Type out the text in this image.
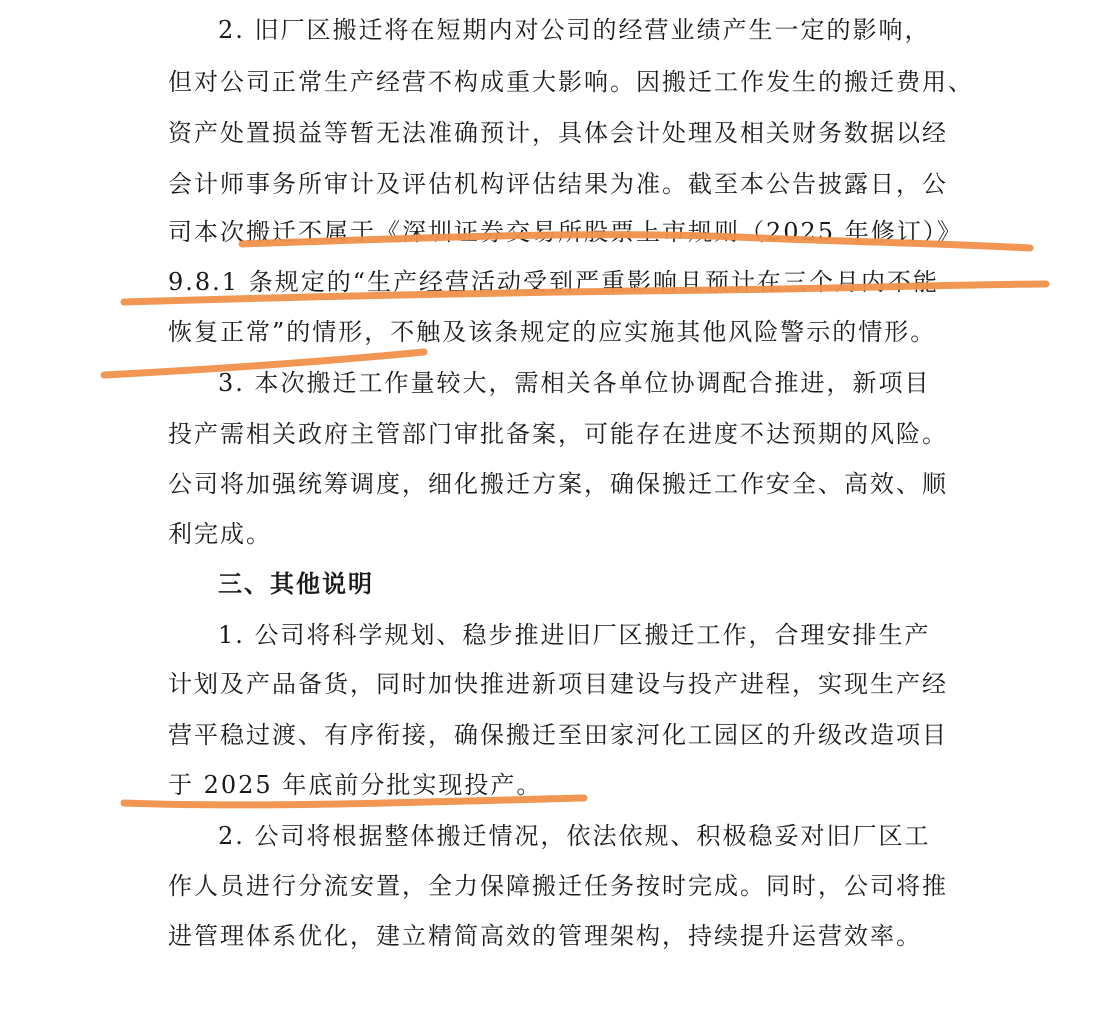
2. 旧厂区搬迁将在短期内对公司的经营业绩产生一定的影响，
但对公司正常生产经营不构成重大影响。因搬迁工作发生的搬迁费用、
资产处置损益等暂无法准确预计，具体会计处理及相关财务数据以经
会计师事务所审计及评估机构评估结果为准。截至本公告披露日，公
司本次搬迁不属于《深圳证券交易所股票上市规则（2025 年修订）》
9.8.1 条规定的“生产经营活动受到严重影响且预计在三个月内不能
恢复正常”的情形，不触及该条规定的应实施其他风险警示的情形。
3. 本次搬迁工作量较大，需相关各单位协调配合推进，新项目
投产需相关政府主管部门审批备案，可能存在进度不达预期的风险。
公司将加强统筹调度，细化搬迁方案，确保搬迁工作安全、高效、顺
利完成。
三、其他说明
1. 公司将科学规划、稳步推进旧厂区搬迁工作，合理安排生产
计划及产品备货，同时加快推进新项目建设与投产进程，实现生产经
营平稳过渡、有序衔接，确保搬迁至田家河化工园区的升级改造项目
于 2025 年底前分批实现投产。
2. 公司将根据整体搬迁情况，依法依规、积极稳妥对旧厂区工
作人员进行分流安置，全力保障搬迁任务按时完成。同时，公司将推
进管理体系优化，建立精简高效的管理架构，持续提升运营效率。
